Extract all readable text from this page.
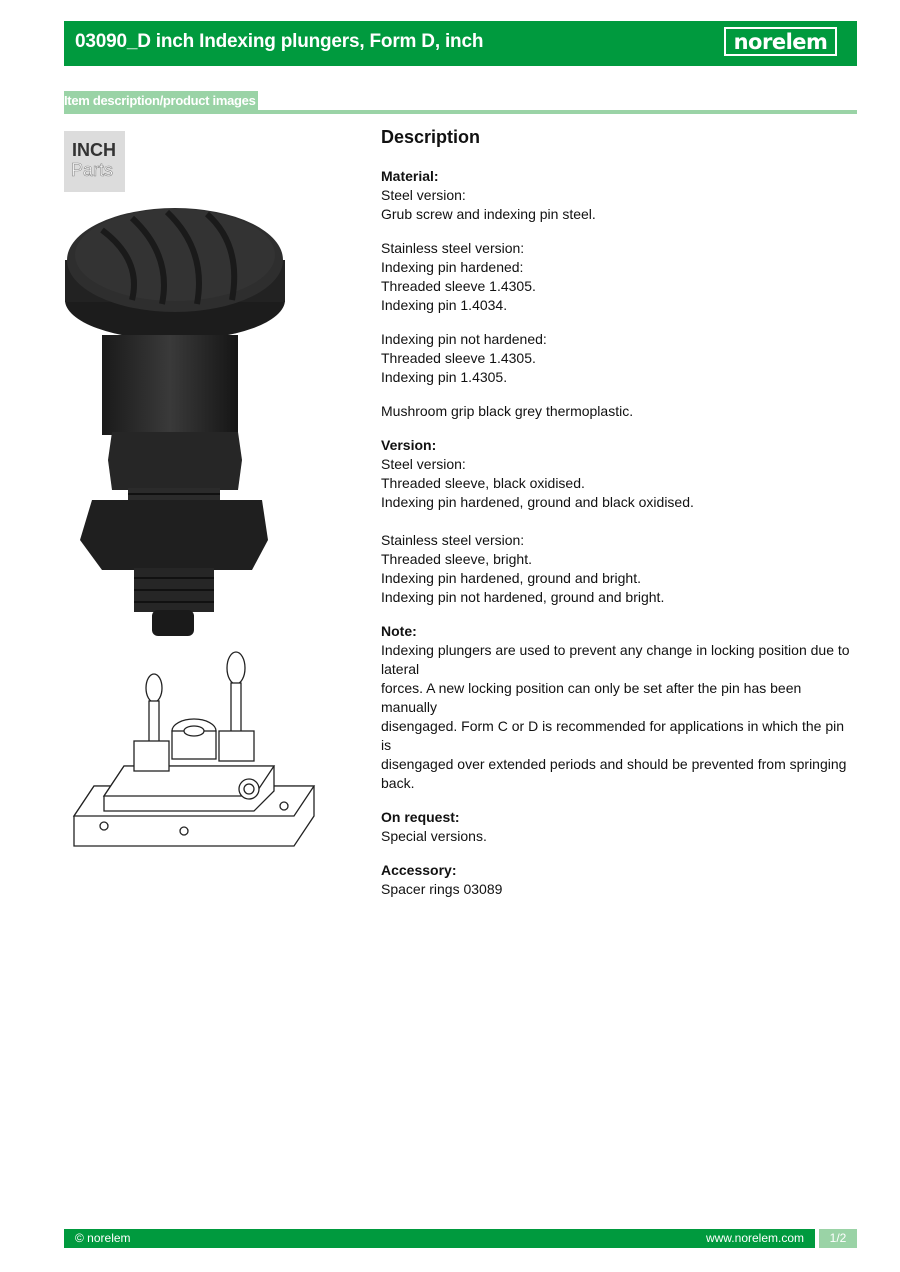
03090_D inch Indexing plungers, Form D, inch	norelem
Item description/product images
INCH
Parts
Description
Material:
Steel version:
Grub screw and indexing pin steel.
Stainless steel version:
Indexing pin hardened:
Threaded sleeve 1.4305.
Indexing pin 1.4034.
Indexing pin not hardened:
Threaded sleeve 1.4305.
Indexing pin 1.4305.
Mushroom grip black grey thermoplastic.
Version:
Steel version:
Threaded sleeve, black oxidised.
Indexing pin hardened, ground and black oxidised.
Stainless steel version:
Threaded sleeve, bright.
Indexing pin hardened, ground and bright.
Indexing pin not hardened, ground and bright.
Note:
Indexing plungers are used to prevent any change in locking position due to lateral
forces. A new locking position can only be set after the pin has been manually
disengaged. Form C or D is recommended for applications in which the pin is
disengaged over extended periods and should be prevented from springing back.
On request:
Special versions.
Accessory:
Spacer rings 03089
© norelem	www.norelem.com	1/2
